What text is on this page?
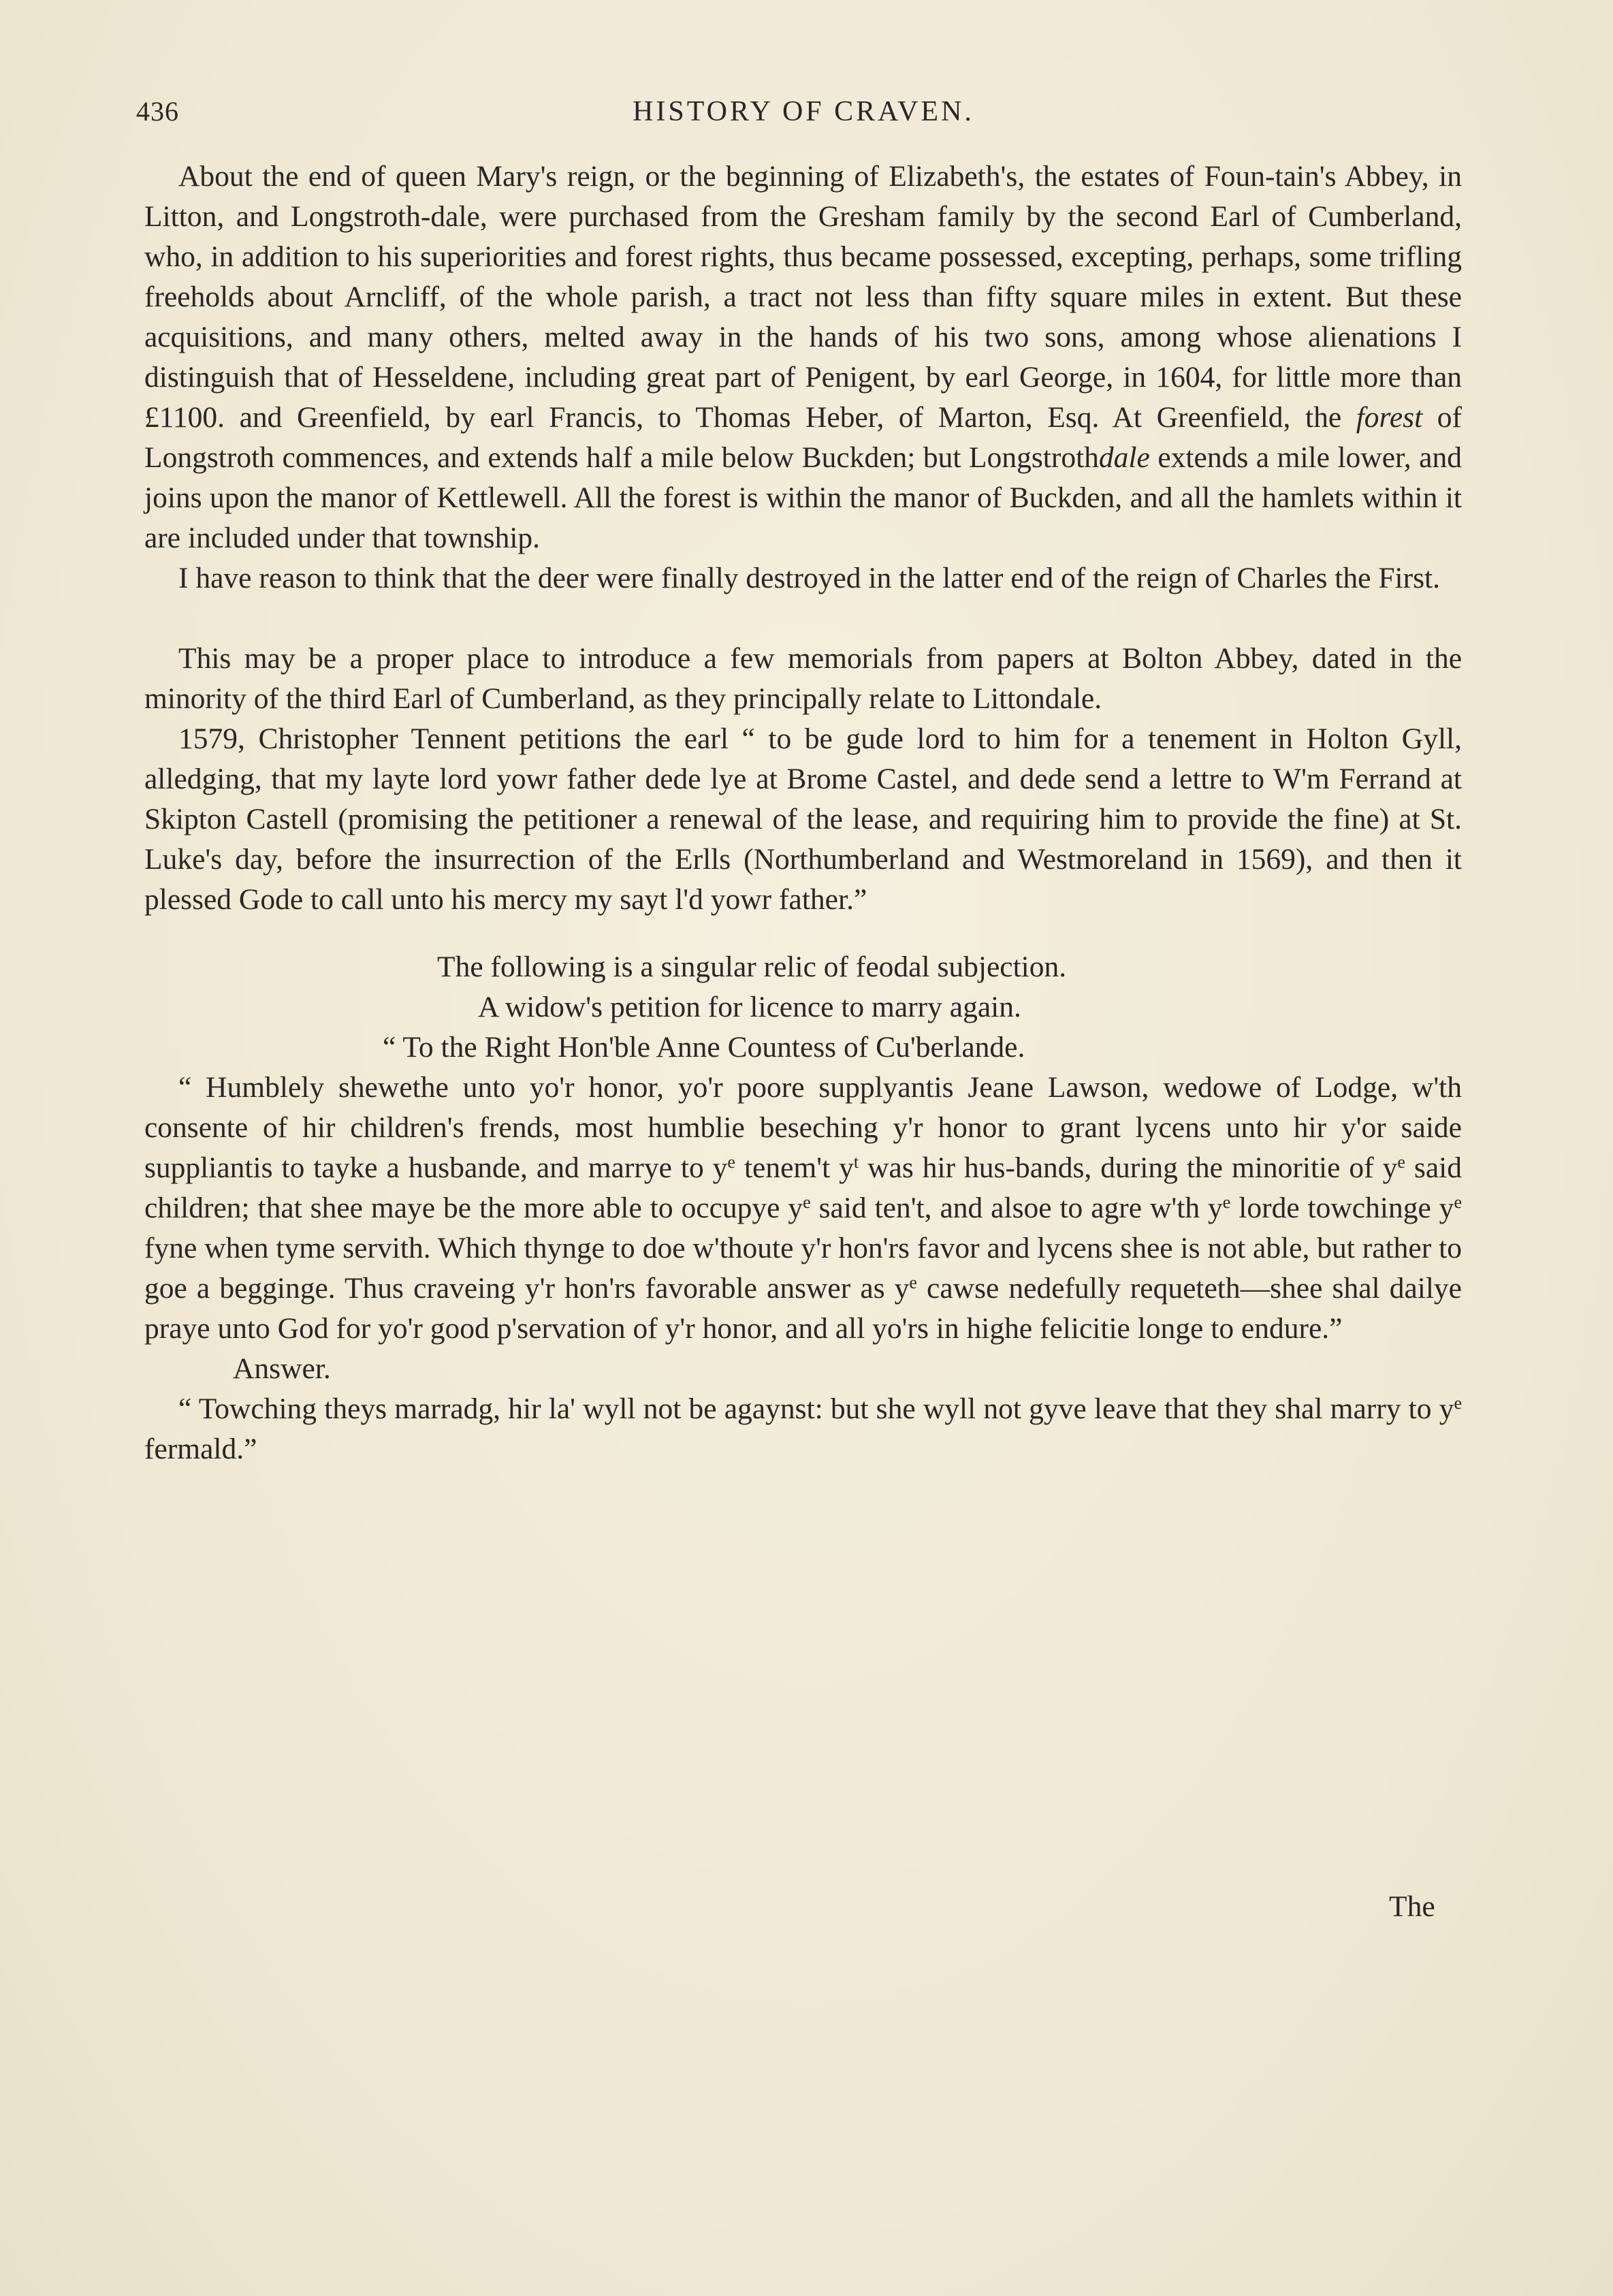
436	HISTORY OF CRAVEN.

About the end of queen Mary's reign, or the beginning of Elizabeth's, the estates of Foun-tain's Abbey, in Litton, and Longstroth-dale, were purchased from the Gresham family by the second Earl of Cumberland, who, in addition to his superiorities and forest rights, thus became possessed, excepting, perhaps, some trifling freeholds about Arncliff, of the whole parish, a tract not less than fifty square miles in extent. But these acquisitions, and many others, melted away in the hands of his two sons, among whose alienations I distinguish that of Hesseldene, including great part of Penigent, by earl George, in 1604, for little more than £1100. and Greenfield, by earl Francis, to Thomas Heber, of Marton, Esq. At Greenfield, the forest of Longstroth commences, and extends half a mile below Buckden; but Longstrothdale extends a mile lower, and joins upon the manor of Kettlewell. All the forest is within the manor of Buckden, and all the hamlets within it are included under that township.

I have reason to think that the deer were finally destroyed in the latter end of the reign of Charles the First.

This may be a proper place to introduce a few memorials from papers at Bolton Abbey, dated in the minority of the third Earl of Cumberland, as they principally relate to Littondale.

1579, Christopher Tennent petitions the earl “ to be gude lord to him for a tenement in Holton Gyll, alledging, that my layte lord yowr father dede lye at Brome Castel, and dede send a lettre to W'm Ferrand at Skipton Castell (promising the petitioner a renewal of the lease, and requiring him to provide the fine) at St. Luke's day, before the insurrection of the Erlls (Northumberland and Westmoreland in 1569), and then it plessed Gode to call unto his mercy my sayt l'd yowr father.”

The following is a singular relic of feodal subjection.

A widow's petition for licence to marry again.

“ To the Right Hon'ble Anne Countess of Cu'berlande.

“ Humblely shewethe unto yo'r honor, yo'r poore supplyantis Jeane Lawson, wedowe of Lodge, w'th consente of hir children's frends, most humblie beseching y'r honor to grant lycens unto hir y'or saide suppliantis to tayke a husbande, and marrye to $y^e$ tenem't $y^t$ was hir hus-bands, during the minoritie of $y^e$ said children; that shee maye be the more able to occupye $y^e$ said ten't, and alsoe to agre w'th $y^e$ lorde towchinge $y^e$ fyne when tyme servith. Which thynge to doe w'thoute y'r hon'rs favor and lycens shee is not able, but rather to goe a begginge. Thus craveing y'r hon'rs favorable answer as $y^e$ cawse nedefully requeteth—shee shal dailye praye unto God for yo'r good p'servation of y'r honor, and all yo'rs in highe felicitie longe to endure.”

Answer.

“ Towching theys marradg, hir la' wyll not be agaynst: but she wyll not gyve leave that they shal marry to $y^e$ fermald.”

The
